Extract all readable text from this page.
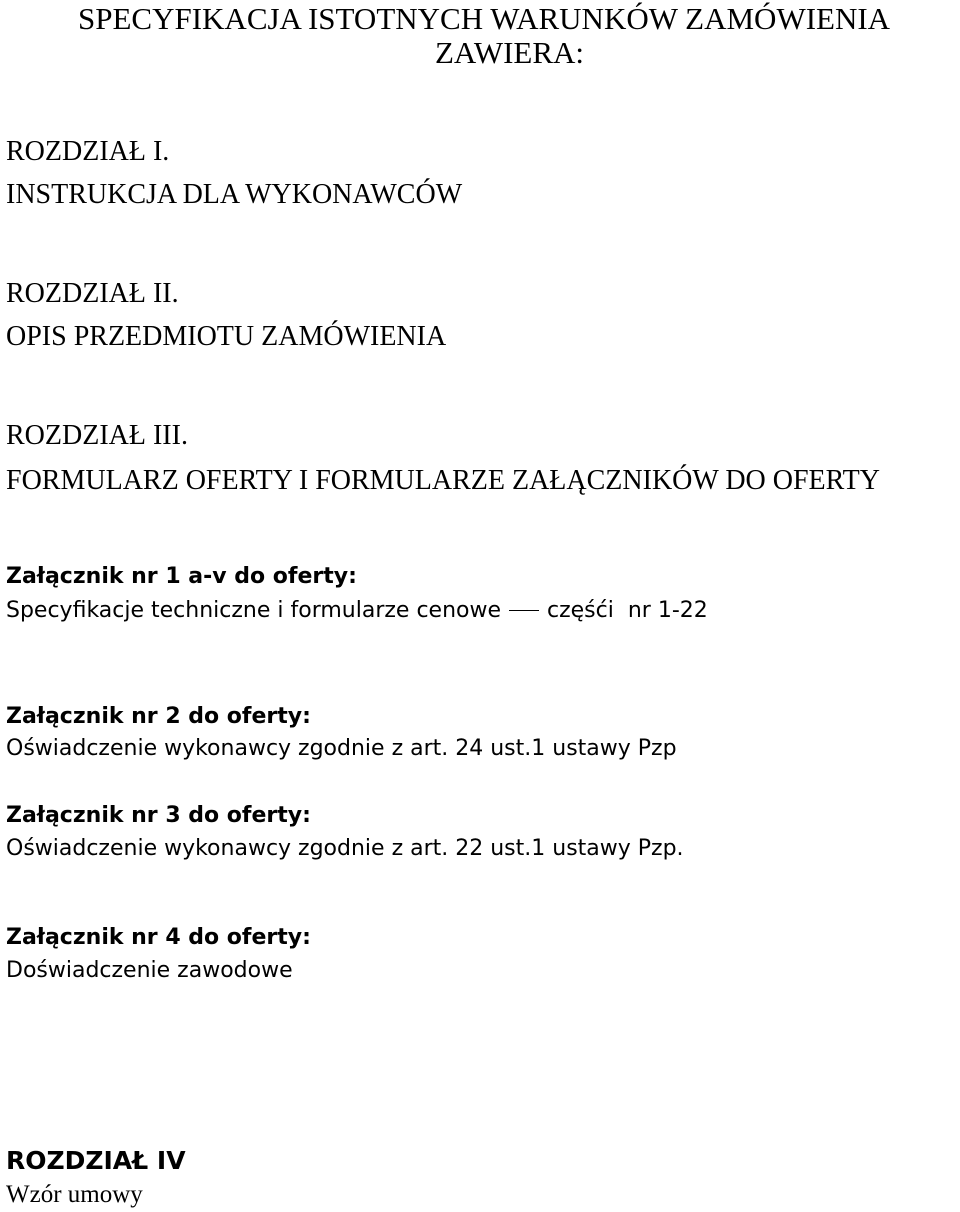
SPECYFIKACJA ISTOTNYCH WARUNKÓW ZAMÓWIENIA

ZAWIERA:

ROZDZIAŁ I.

INSTRUKCJA DLA WYKONAWCÓW

ROZDZIAŁ II.

OPIS PRZEDMIOTU ZAMÓWIENIA

ROZDZIAŁ III.

FORMULARZ OFERTY I FORMULARZE ZAŁĄCZNIKÓW DO OFERTY

Załącznik nr 1 a-v do oferty:

Specyfikacje techniczne i formularze cenowe częśći  nr 1-22

Załącznik nr 2 do oferty:

Oświadczenie wykonawcy zgodnie z art. 24 ust.1 ustawy Pzp

Załącznik nr 3 do oferty:

Oświadczenie wykonawcy zgodnie z art. 22 ust.1 ustawy Pzp.

Załącznik nr 4 do oferty:

Doświadczenie zawodowe

ROZDZIAŁ IV

Wzór umowy
